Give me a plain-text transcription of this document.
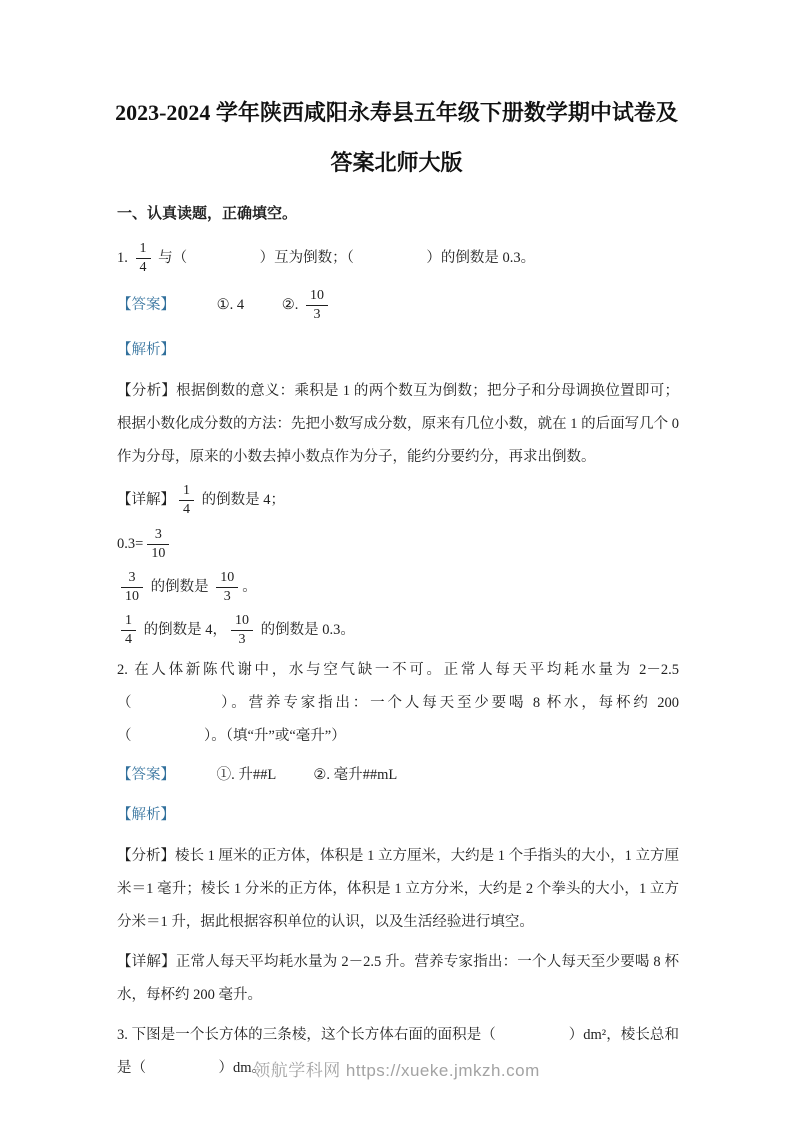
2023-2024 学年陕西咸阳永寿县五年级下册数学期中试卷及
答案北师大版

一、认真读题，正确填空。

1. $\frac{1}{4}$ 与（　　　　　）互为倒数；（　　　　　）的倒数是 0.3。

【答案】	①. 4	②. $\frac{10}{3}$

【解析】

【分析】根据倒数的意义：乘积是 1 的两个数互为倒数；把分子和分母调换位置即可；根据小数化成分数的方法：先把小数写成分数，原来有几位小数，就在 1 的后面写几个 0 作为分母，原来的小数去掉小数点作为分子，能约分要约分，再求出倒数。

【详解】 $\frac{1}{4}$ 的倒数是 4；

$0.3= \frac{3}{10}$

$\frac{3}{10}$ 的倒数是 $\frac{10}{3}$ 。

$\frac{1}{4}$ 的倒数是 4， $\frac{10}{3}$ 的倒数是 0.3。

2. 在人体新陈代谢中，水与空气缺一不可。正常人每天平均耗水量为 2－2.5（　　　　　）。营养专家指出：一个人每天至少要喝 8 杯水，每杯约 200（　　　　　）。（填“升”或“毫升”）

【答案】	①. 升##L	②. 毫升##mL

【解析】

【分析】棱长 1 厘米的正方体，体积是 1 立方厘米，大约是 1 个手指头的大小，1 立方厘米＝1 毫升；棱长 1 分米的正方体，体积是 1 立方分米，大约是 2 个拳头的大小，1 立方分米＝1 升，据此根据容积单位的认识，以及生活经验进行填空。

【详解】正常人每天平均耗水量为 2－2.5 升。营养专家指出：一个人每天至少要喝 8 杯水，每杯约 200 毫升。

3. 下图是一个长方体的三条棱，这个长方体右面的面积是（　　　　　）dm²，棱长总和是（　　　　　）dm。

领航学科网 https://xueke.jmkzh.com
